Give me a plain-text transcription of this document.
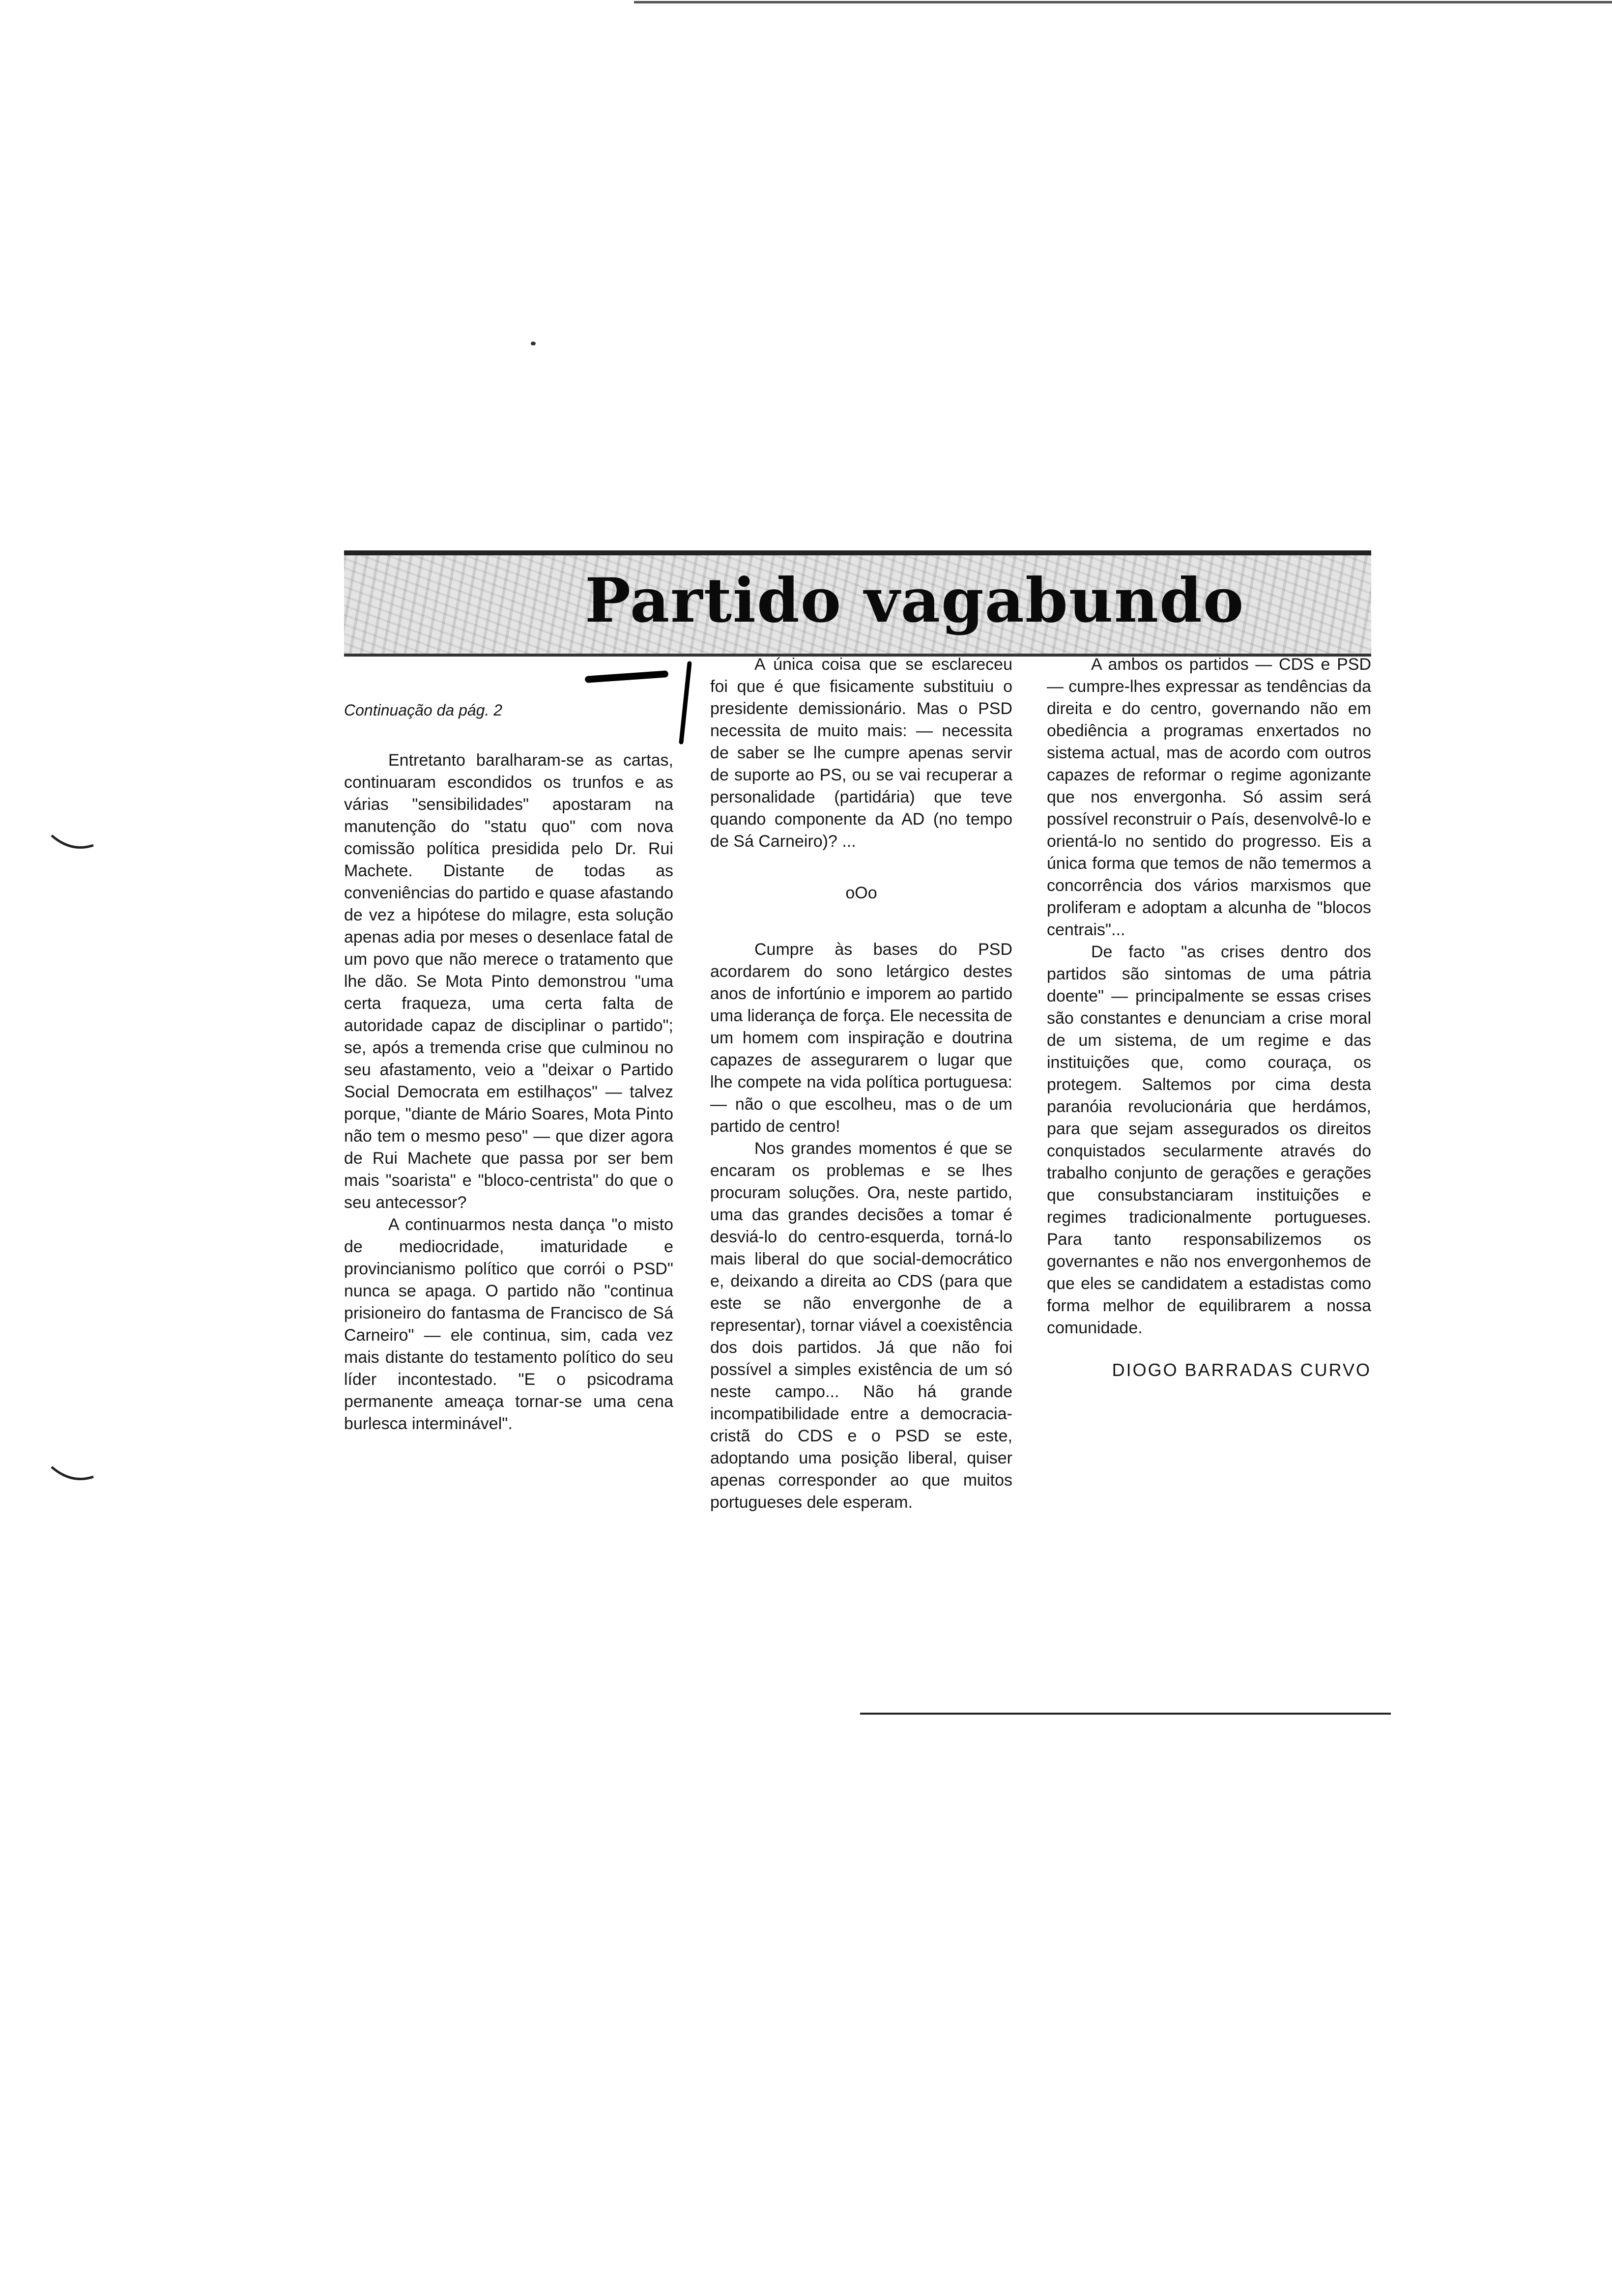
Partido vagabundo

Continuação da pág. 2

Entretanto baralharam-se as cartas, continuaram escondidos os trunfos e as várias "sensibilidades" apostaram na manutenção do "statu quo" com nova comissão política presidida pelo Dr. Rui Machete. Distante de todas as conveniências do partido e quase afastando de vez a hipótese do milagre, esta solução apenas adia por meses o desenlace fatal de um povo que não merece o tratamento que lhe dão. Se Mota Pinto demonstrou "uma certa fraqueza, uma certa falta de autoridade capaz de disciplinar o partido"; se, após a tremenda crise que culminou no seu afastamento, veio a "deixar o Partido Social Democrata em estilhaços" — talvez porque, "diante de Mário Soares, Mota Pinto não tem o mesmo peso" — que dizer agora de Rui Machete que passa por ser bem mais "soarista" e "bloco-centrista" do que o seu antecessor?

A continuarmos nesta dança "o misto de mediocridade, imaturidade e provincianismo político que corrói o PSD" nunca se apaga. O partido não "continua prisioneiro do fantasma de Francisco de Sá Carneiro" — ele continua, sim, cada vez mais distante do testamento político do seu líder incontestado. "E o psicodrama permanente ameaça tornar-se uma cena burlesca interminável".

A única coisa que se esclareceu foi que é que fisicamente substituiu o presidente demissionário. Mas o PSD necessita de muito mais: — necessita de saber se lhe cumpre apenas servir de suporte ao PS, ou se vai recuperar a personalidade (partidária) que teve quando componente da AD (no tempo de Sá Carneiro)? ...

oOo

Cumpre às bases do PSD acordarem do sono letárgico destes anos de infortúnio e imporem ao partido uma liderança de força. Ele necessita de um homem com inspiração e doutrina capazes de assegurarem o lugar que lhe compete na vida política portuguesa: — não o que escolheu, mas o de um partido de centro!

Nos grandes momentos é que se encaram os problemas e se lhes procuram soluções. Ora, neste partido, uma das grandes decisões a tomar é desviá-lo do centro-esquerda, torná-lo mais liberal do que social-democrático e, deixando a direita ao CDS (para que este se não envergonhe de a representar), tornar viável a coexistência dos dois partidos. Já que não foi possível a simples existência de um só neste campo... Não há grande incompatibilidade entre a democracia-cristã do CDS e o PSD se este, adoptando uma posição liberal, quiser apenas corresponder ao que muitos portugueses dele esperam.

A ambos os partidos — CDS e PSD — cumpre-lhes expressar as tendências da direita e do centro, governando não em obediência a programas enxertados no sistema actual, mas de acordo com outros capazes de reformar o regime agonizante que nos envergonha. Só assim será possível reconstruir o País, desenvolvê-lo e orientá-lo no sentido do progresso. Eis a única forma que temos de não temermos a concorrência dos vários marxismos que proliferam e adoptam a alcunha de "blocos centrais"...

De facto "as crises dentro dos partidos são sintomas de uma pátria doente" — principalmente se essas crises são constantes e denunciam a crise moral de um sistema, de um regime e das instituições que, como couraça, os protegem. Saltemos por cima desta paranóia revolucionária que herdámos, para que sejam assegurados os direitos conquistados secularmente através do trabalho conjunto de gerações e gerações que consubstanciaram instituições e regimes tradicionalmente portugueses. Para tanto responsabilizemos os governantes e não nos envergonhemos de que eles se candidatem a estadistas como forma melhor de equilibrarem a nossa comunidade.

DIOGO BARRADAS CURVO
